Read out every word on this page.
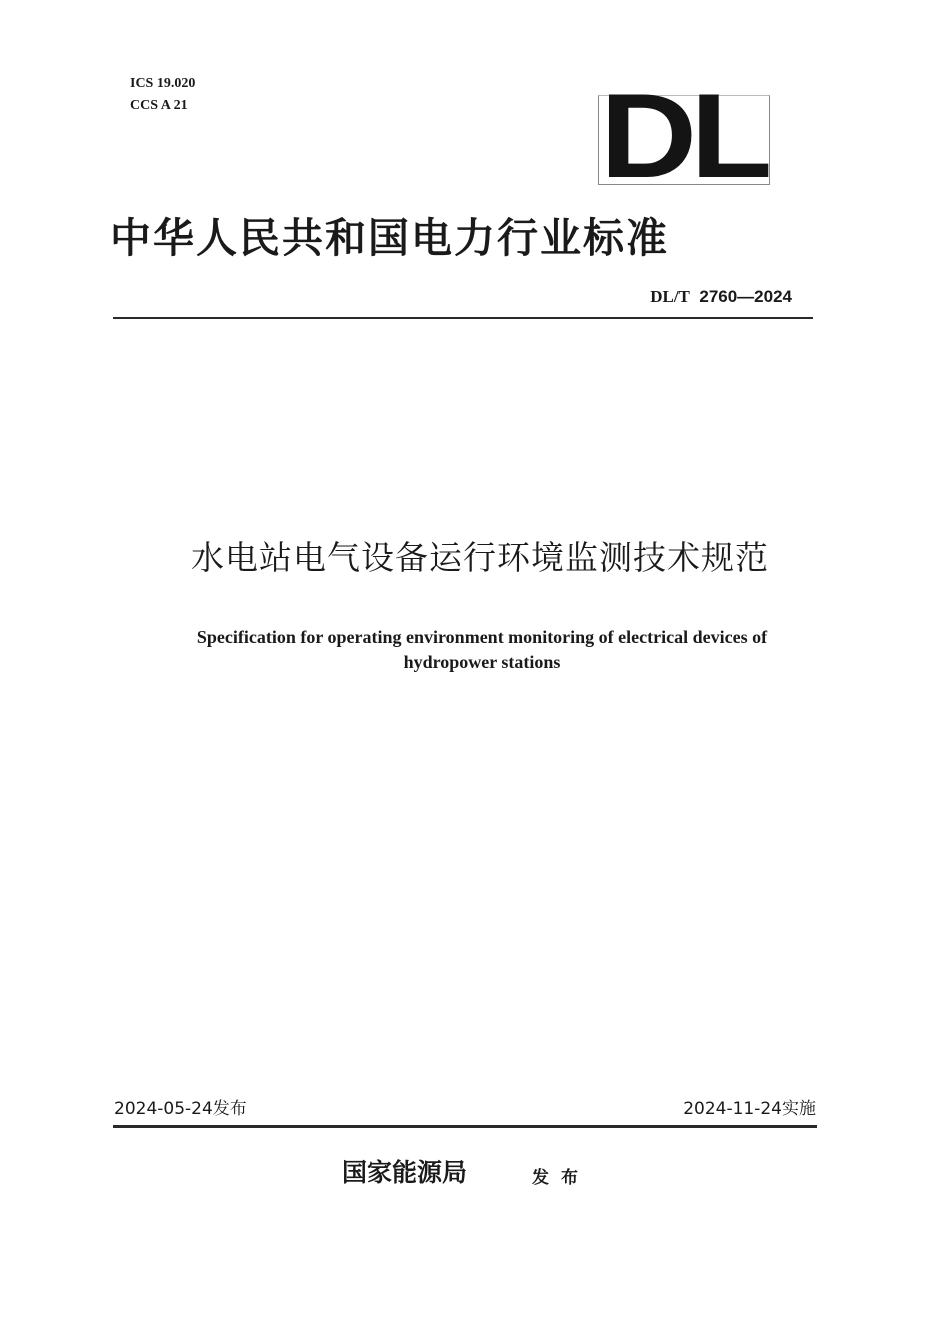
ICS 19.020
CCS A 21	DL
中华人民共和国电力行业标准
DL/T 2760—2024
水电站电气设备运行环境监测技术规范
Specification for operating environment monitoring of electrical devices of
hydropower stations
2024-05-24发布	2024-11-24实施
国家能源局	发布
